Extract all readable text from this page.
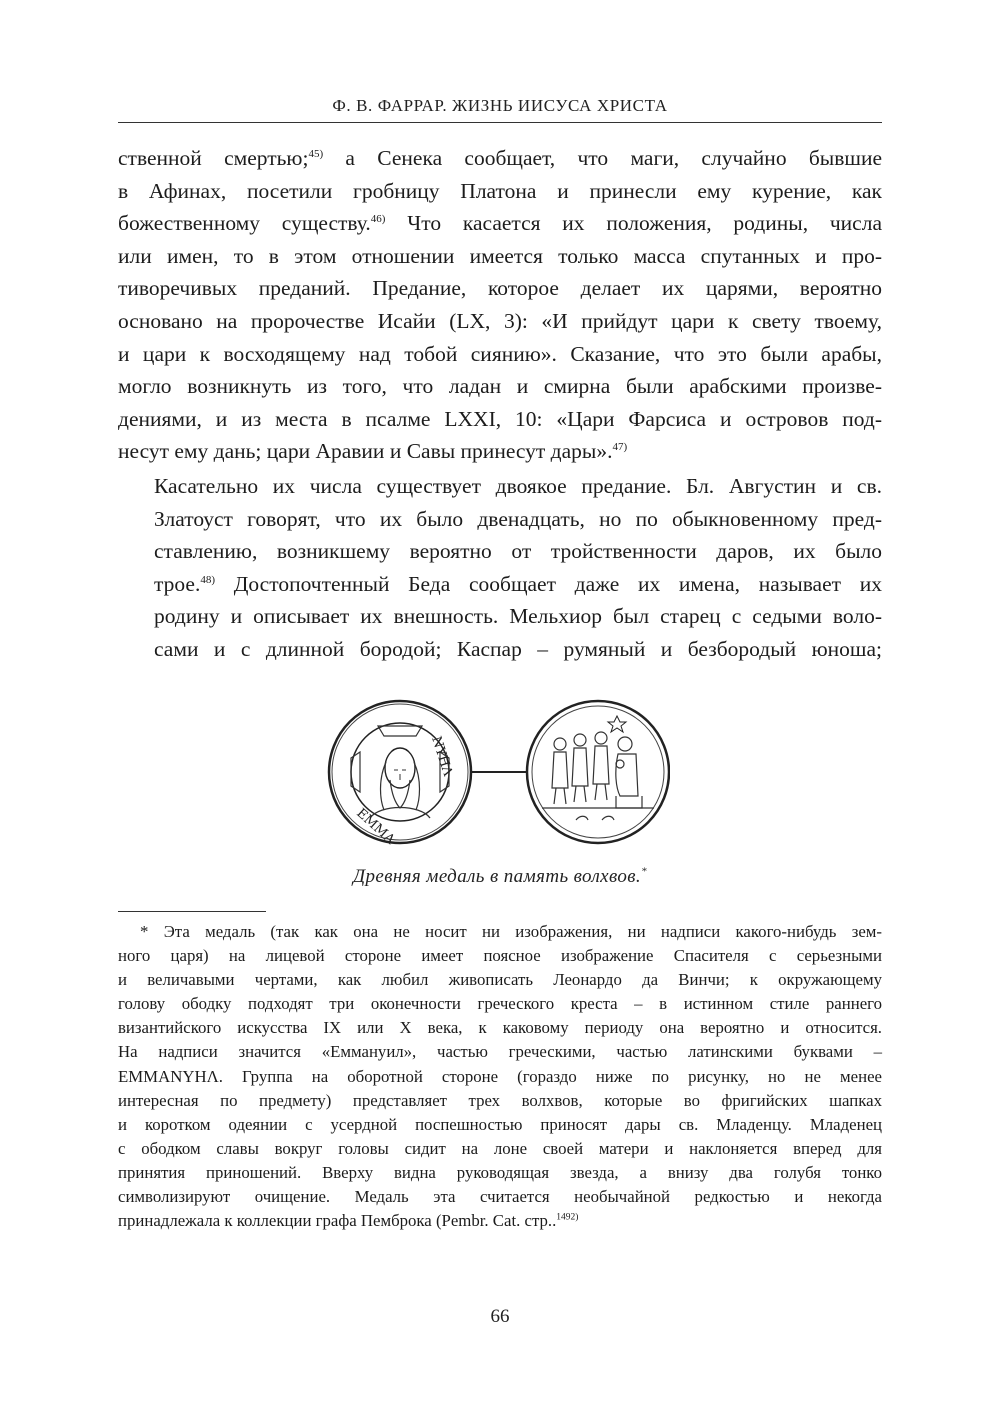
Ф. В. ФАРРАР. ЖИЗНЬ ИИСУСА ХРИСТА

ственной смертью;$^{45)}$ а Сенека сообщает, что маги, случайно бывшие
в Афинах, посетили гробницу Платона и принесли ему курение, как
божественному существу.$^{46)}$ Что касается их положения, родины, числа
или имен, то в этом отношении имеется только масса спутанных и про-
тиворечивых преданий. Предание, которое делает их царями, вероятно
основано на пророчестве Исайи (LX, 3): «И прийдут цари к свету твоему,
и цари к восходящему над тобой сиянию». Сказание, что это были арабы,
могло возникнуть из того, что ладан и смирна были арабскими произве-
дениями, и из места в псалме LXXI, 10: «Цари Фарсиса и островов под-

несут ему дань; цари Аравии и Савы принесут дары».$^{47)}$

Касательно их числа существует двоякое предание. Бл. Августин и св.
Златоуст говорят, что их было двенадцать, но по обыкновенному пред-
ставлению, возникшему вероятно от тройственности даров, их было
трое.$^{48)}$ Достопочтенный Беда сообщает даже их имена, называет их
родину и описывает их внешность. Мельхиор был старец с седыми воло-
сами и с длинной бородой; Каспар – румяный и безбородый юноша;

ЕММА
NΥHΛ
Древняя медаль в память волхвов.*
* Эта медаль (так как она не носит ни изображения, ни надписи какого-нибудь зем-
ного царя) на лицевой стороне имеет поясное изображение Спасителя с серьезными
и величавыми чертами, как любил живописать Леонардо да Винчи; к окружающему
голову ободку подходят три оконечности греческого креста – в истинном стиле раннего
византийского искусства IX или X века, к каковому периоду она вероятно и относится.
На надписи значится «Еммануил», частью греческими, частью латинскими буквами –
ЕММАNΥHΛ. Группа на оборотной стороне (гораздо ниже по рисунку, но не менее
интересная по предмету) представляет трех волхвов, которые во фригийских шапках
и коротком одеянии с усердной поспешностью приносят дары св. Младенцу. Младенец
с ободком славы вокруг головы сидит на лоне своей матери и наклоняется вперед для
принятия приношений. Вверху видна руководящая звезда, а внизу два голубя тонко
символизируют очищение. Медаль эта считается необычайной редкостью и некогда
принадлежала к коллекции графа Пемброка (Pembr. Cat. стр..$^{1492)}$
66
